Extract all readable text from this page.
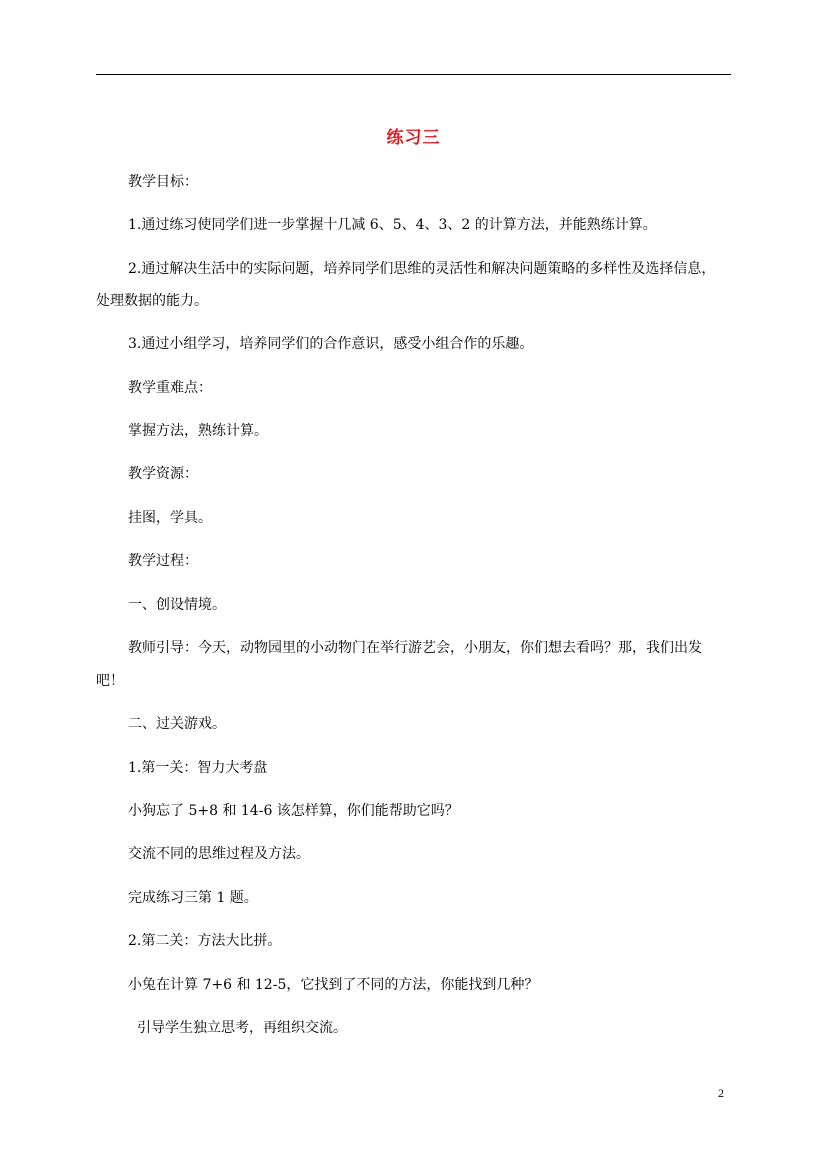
练习三
教学目标：
1.通过练习使同学们进一步掌握十几减 6、5、4、3、2 的计算方法，并能熟练计算。
2.通过解决生活中的实际问题，培养同学们思维的灵活性和解决问题策略的多样性及选择信息，
处理数据的能力。
3.通过小组学习，培养同学们的合作意识，感受小组合作的乐趣。
教学重难点：
掌握方法，熟练计算。
教学资源：
挂图，学具。
教学过程：
一、创设情境。
教师引导：今天，动物园里的小动物门在举行游艺会，小朋友，你们想去看吗？那，我们出发
吧！
二、过关游戏。
1.第一关：智力大考盘
小狗忘了 5+8 和 14-6 该怎样算，你们能帮助它吗？
交流不同的思维过程及方法。
完成练习三第 1 题。
2.第二关：方法大比拼。
小兔在计算 7+6 和 12-5，它找到了不同的方法，你能找到几种？
引导学生独立思考，再组织交流。
2
